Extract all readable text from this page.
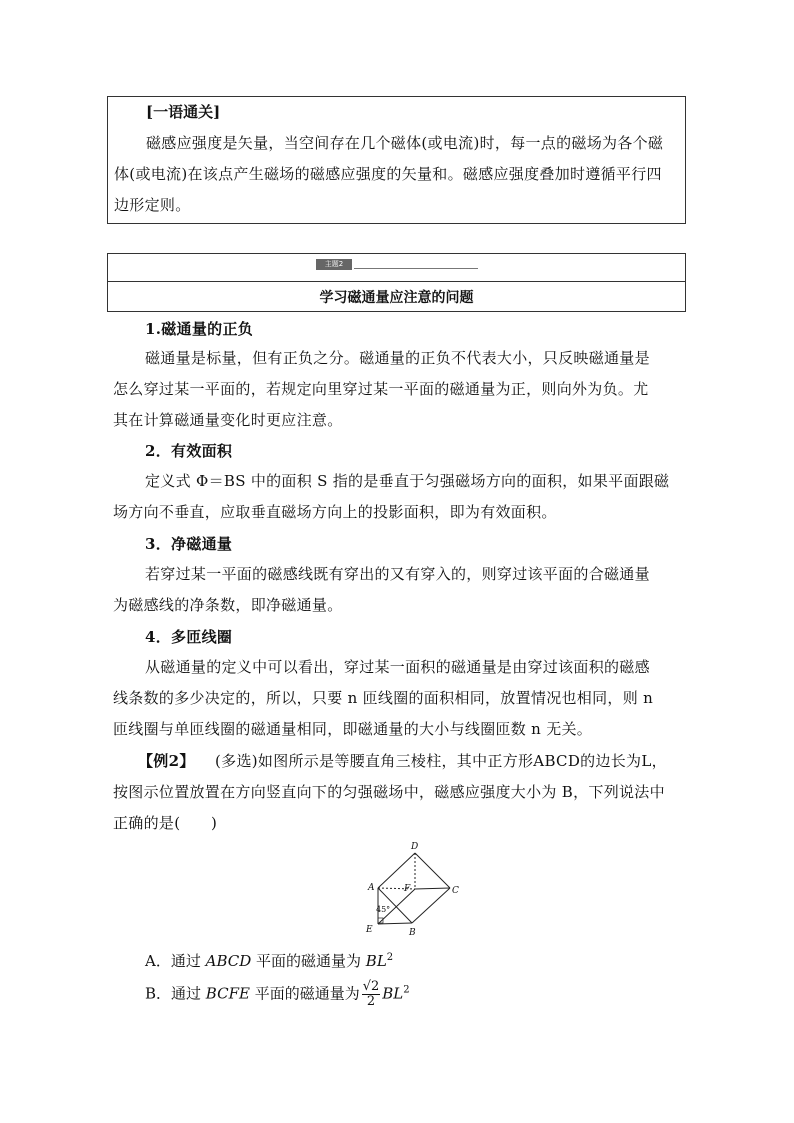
[一语通关]
磁感应强度是矢量，当空间存在几个磁体(或电流)时，每一点的磁场为各个磁
体(或电流)在该点产生磁场的磁感应强度的矢量和。磁感应强度叠加时遵循平行四
边形定则。
主题2
学习磁通量应注意的问题
1.磁通量的正负
磁通量是标量，但有正负之分。磁通量的正负不代表大小，只反映磁通量是
怎么穿过某一平面的，若规定向里穿过某一平面的磁通量为正，则向外为负。尤
其在计算磁通量变化时更应注意。
2．有效面积
定义式 Φ＝BS 中的面积 S 指的是垂直于匀强磁场方向的面积，如果平面跟磁
场方向不垂直，应取垂直磁场方向上的投影面积，即为有效面积。
3．净磁通量
若穿过某一平面的磁感线既有穿出的又有穿入的，则穿过该平面的合磁通量
为磁感线的净条数，即净磁通量。
4．多匝线圈
从磁通量的定义中可以看出，穿过某一面积的磁通量是由穿过该面积的磁感
线条数的多少决定的，所以，只要 n 匝线圈的面积相同，放置情况也相同，则 n
匝线圈与单匝线圈的磁通量相同，即磁通量的大小与线圈匝数 n 无关。
【例2】 (多选)如图所示是等腰直角三棱柱，其中正方形ABCD的边长为L，
按图示位置放置在方向竖直向下的匀强磁场中，磁感应强度大小为 B，下列说法中
正确的是(　　)
D
A	C
F
E	B
45°
A．通过 ABCD 平面的磁通量为 $BL^2$
B．通过 BCFE 平面的磁通量为 $\frac{√2}{2} BL^2$
